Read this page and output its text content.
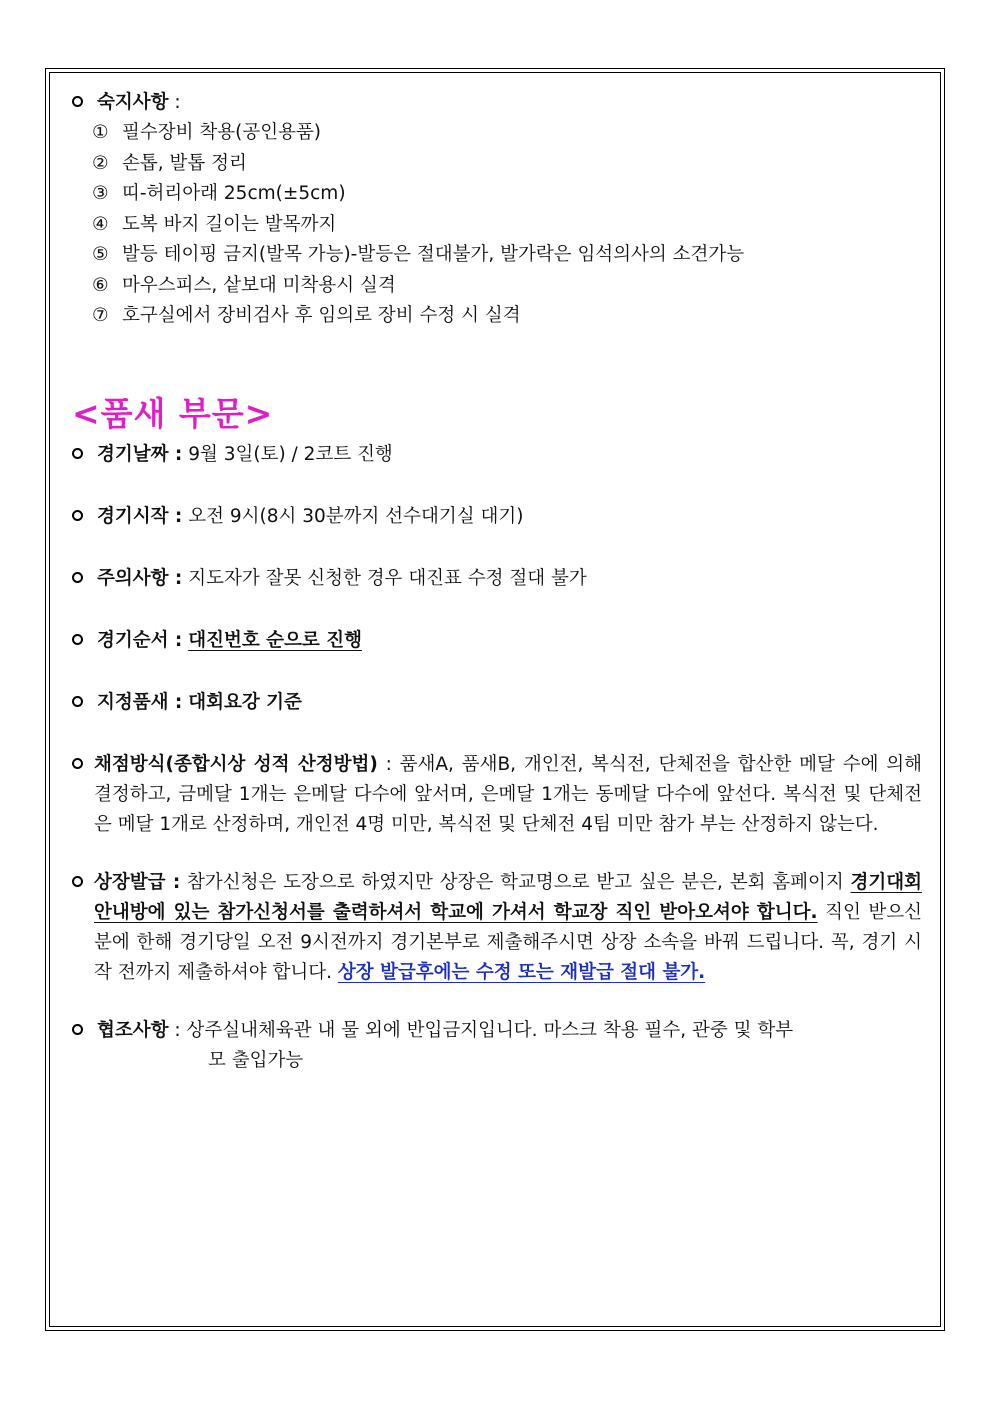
숙지사항 :
① 필수장비 착용(공인용품)
② 손톱, 발톱 정리
③ 띠-허리아래 25cm(±5cm)
④ 도복 바지 길이는 발목까지
⑤ 발등 테이핑 금지(발목 가능)-발등은 절대불가, 발가락은 임석의사의 소견가능
⑥ 마우스피스, 샅보대 미착용시 실격
⑦ 호구실에서 장비검사 후 임의로 장비 수정 시 실격
<품새 부문>
경기날짜 : 9월 3일(토) / 2코트 진행
경기시작 : 오전 9시(8시 30분까지 선수대기실 대기)
주의사항 : 지도자가 잘못 신청한 경우 대진표 수정 절대 불가
경기순서 : 대진번호 순으로 진행
지정품새 : 대회요강 기준
채점방식(종합시상 성적 산정방법) : 품새A, 품새B, 개인전, 복식전, 단체전을 합산한 메달 수에 의해 결정하고, 금메달 1개는 은메달 다수에 앞서며, 은메달 1개는 동메달 다수에 앞선다. 복식전 및 단체전은 메달 1개로 산정하며, 개인전 4명 미만, 복식전 및 단체전 4팀 미만 참가 부는 산정하지 않는다.
상장발급 : 참가신청은 도장으로 하였지만 상장은 학교명으로 받고 싶은 분은, 본회 홈페이지 경기대회안내방에 있는 참가신청서를 출력하셔서 학교에 가셔서 학교장 직인 받아오셔야 합니다. 직인 받으신 분에 한해 경기당일 오전 9시전까지 경기본부로 제출해주시면 상장 소속을 바꿔 드립니다. 꼭, 경기 시작 전까지 제출하셔야 합니다. 상장 발급후에는 수정 또는 재발급 절대 불가.
협조사항 : 상주실내체육관 내 물 외에 반입금지입니다. 마스크 착용 필수, 관중 및 학부
모 출입가능
